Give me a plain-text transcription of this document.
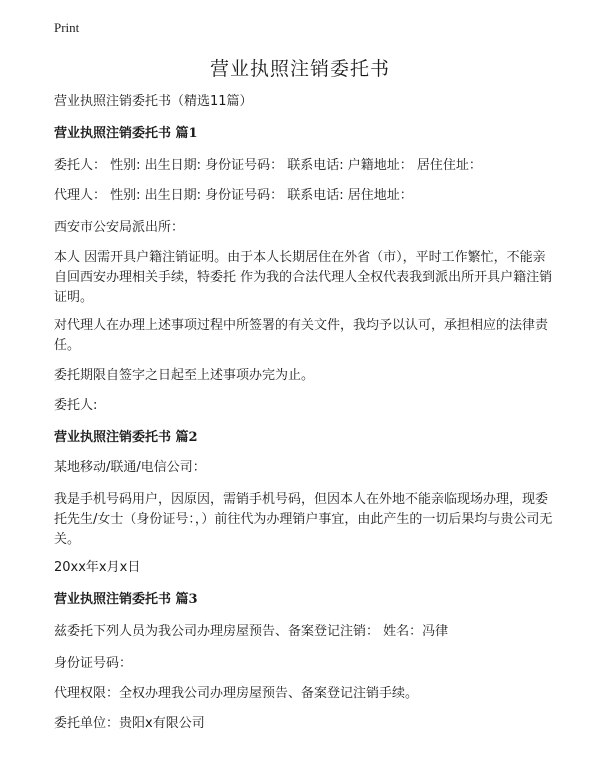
Print
营业执照注销委托书

营业执照注销委托书（精选11篇）

营业执照注销委托书 篇1

委托人： 性别: 出生日期: 身份证号码： 联系电话: 户籍地址： 居住住址：

代理人： 性别: 出生日期: 身份证号码： 联系电话: 居住地址：

西安市公安局派出所：

本人 因需开具户籍注销证明。由于本人长期居住在外省（市），平时工作繁忙，不能亲自回西安办理相关手续，特委托 作为我的合法代理人全权代表我到派出所开具户籍注销证明。

对代理人在办理上述事项过程中所签署的有关文件，我均予以认可，承担相应的法律责任。

委托期限自签字之日起至上述事项办完为止。

委托人:

营业执照注销委托书 篇2

某地移动/联通/电信公司：

我是手机号码用户，因原因，需销手机号码，但因本人在外地不能亲临现场办理，现委托先生/女士（身份证号：，）前往代为办理销户事宜，由此产生的一切后果均与贵公司无关。

20xx年x月x日

营业执照注销委托书 篇3

兹委托下列人员为我公司办理房屋预告、备案登记注销： 姓名：冯律

身份证号码：

代理权限：全权办理我公司办理房屋预告、备案登记注销手续。

委托单位：贵阳x有限公司
